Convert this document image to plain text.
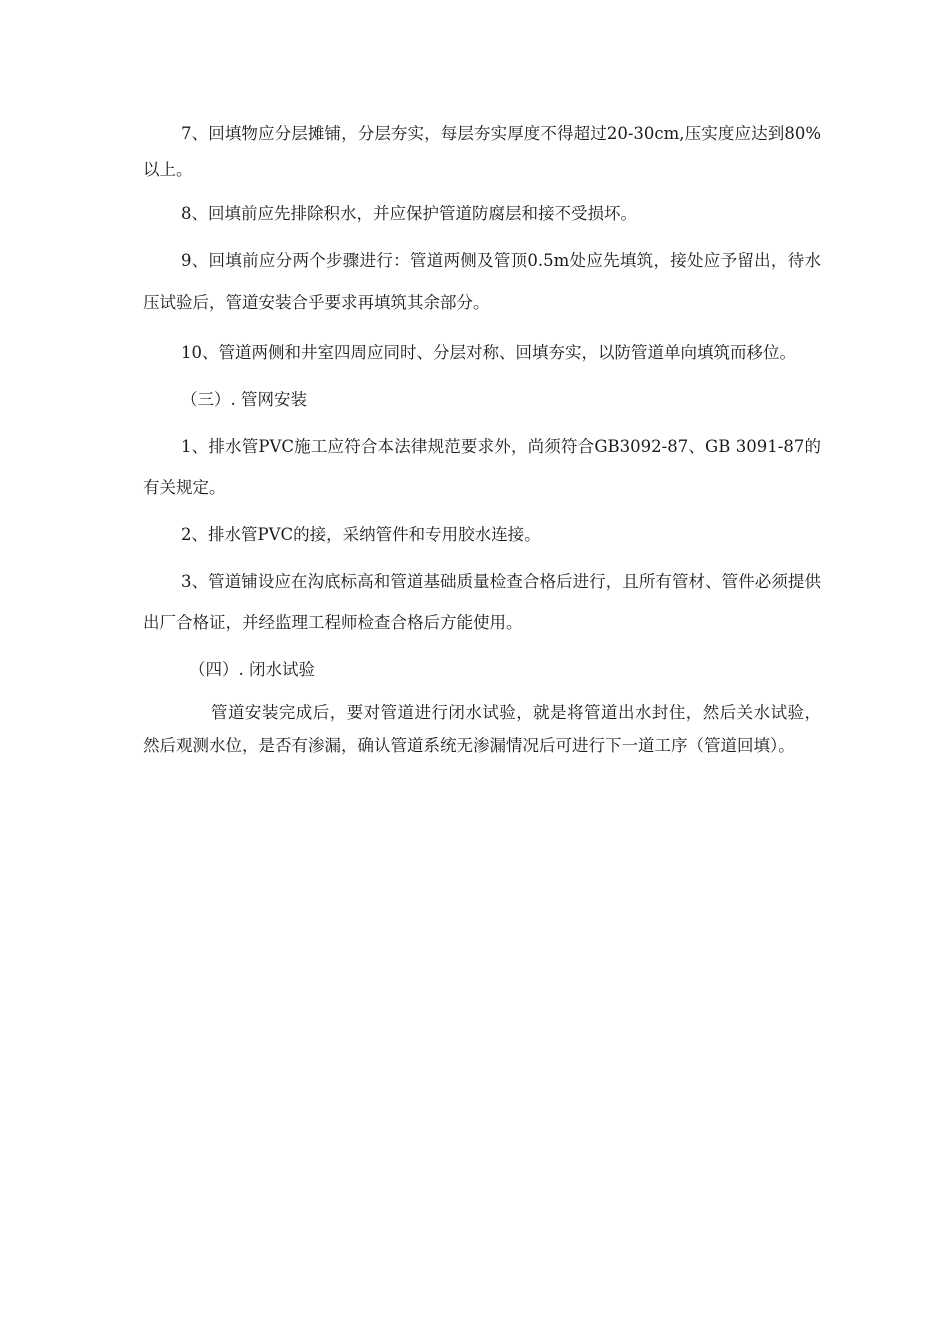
7、回填物应分层摊铺，分层夯实，每层夯实厚度不得超过20-30cm,压实度应达到80%以上。

8、回填前应先排除积水，并应保护管道防腐层和接不受损坏。

9、回填前应分两个步骤进行：管道两侧及管顶0.5m处应先填筑，接处应予留出，待水压试验后，管道安装合乎要求再填筑其余部分。

10、管道两侧和井室四周应同时、分层对称、回填夯实，以防管道单向填筑而移位。

（三）. 管网安装

1、排水管PVC施工应符合本法律规范要求外，尚须符合GB3092-87、GB 3091-87的有关规定。

2、排水管PVC的接，采纳管件和专用胶水连接。

3、管道铺设应在沟底标高和管道基础质量检查合格后进行，且所有管材、管件必须提供出厂合格证，并经监理工程师检查合格后方能使用。

（四）. 闭水试验

管道安装完成后，要对管道进行闭水试验，就是将管道出水封住，然后关水试验，然后观测水位，是否有渗漏，确认管道系统无渗漏情况后可进行下一道工序（管道回填）。
